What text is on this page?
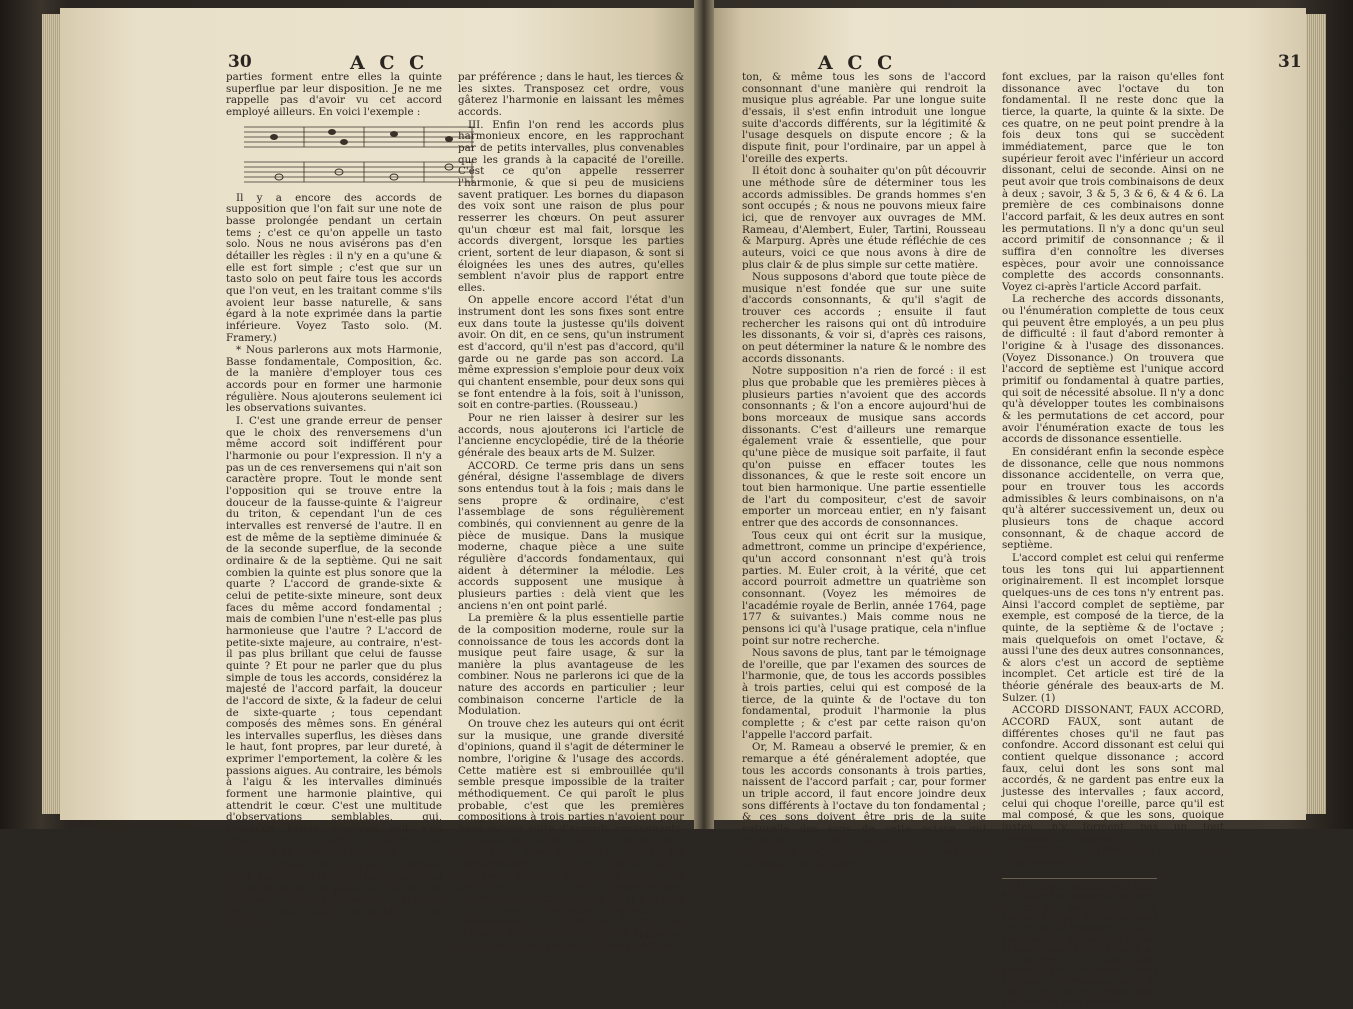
30	A C C

parties forment entre elles la quinte superflue par leur disposition. Je ne me rappelle pas d'avoir vu cet accord employé ailleurs. En voici l'exemple :

Il y a encore des accords de supposition que l'on fait sur une note de basse prolongée pendant un certain tems ; c'est ce qu'on appelle un tasto solo. Nous ne nous avisérons pas d'en détailler les règles : il n'y en a qu'une & elle est fort simple ; c'est que sur un tasto solo on peut faire tous les accords que l'on veut, en les traitant comme s'ils avoient leur basse naturelle, & sans égard à la note exprimée dans la partie inférieure. Voyez Tasto solo. (M. Framery.)

* Nous parlerons aux mots Harmonie, Basse fondamentale, Composition, &c. de la manière d'employer tous ces accords pour en former une harmonie régulière. Nous ajouterons seulement ici les observations suivantes.

I. C'est une grande erreur de penser que le choix des renversemens d'un même accord soit indifférent pour l'harmonie ou pour l'expression. Il n'y a pas un de ces renversemens qui n'ait son caractère propre. Tout le monde sent l'opposition qui se trouve entre la douceur de la fausse-quinte & l'aigreur du triton, & cependant l'un de ces intervalles est renversé de l'autre. Il en est de même de la septième diminuée & de la seconde superflue, de la seconde ordinaire & de la septième. Qui ne sait combien la quinte est plus sonore que la quarte ? L'accord de grande-sixte & celui de petite-sixte mineure, sont deux faces du même accord fondamental ; mais de combien l'une n'est-elle pas plus harmonieuse que l'autre ? L'accord de petite-sixte majeure, au contraire, n'est-il pas plus brillant que celui de fausse quinte ? Et pour ne parler que du plus simple de tous les accords, considérez la majesté de l'accord parfait, la douceur de l'accord de sixte, & la fadeur de celui de sixte-quarte ; tous cependant composés des mêmes sons. En général les intervalles superflus, les dièses dans le haut, font propres, par leur dureté, à exprimer l'emportement, la colère & les passions aigues. Au contraire, les bémols à l'aigu & les intervalles diminués forment une harmonie plaintive, qui attendrit le cœur. C'est une multitude d'observations semblables, qui, lorsqu'un habile musicien sait s'en prévaloir, le rendent maître des affections de ceux qui l'écoutent.

II. Le choix des intervalles simples n'est guère moins important que celui des accords pour la place où l'on doit les employer. C'est, par exemple, dans le bas qu'il faut placer les quintes & les octaves

par préférence ; dans le haut, les tierces & les sixtes. Transposez cet ordre, vous gâterez l'harmonie en laissant les mêmes accords.

III. Enfin l'on rend les accords plus harmonieux encore, en les rapprochant par de petits intervalles, plus convenables que les grands à la capacité de l'oreille. C'est ce qu'on appelle resserrer l'harmonie, & que si peu de musiciens savent pratiquer. Les bornes du diapason des voix sont une raison de plus pour resserrer les chœurs. On peut assurer qu'un chœur est mal fait, lorsque les accords divergent, lorsque les parties crient, sortent de leur diapason, & sont si éloignées les unes des autres, qu'elles semblent n'avoir plus de rapport entre elles.

On appelle encore accord l'état d'un instrument dont les sons fixes sont entre eux dans toute la justesse qu'ils doivent avoir. On dit, en ce sens, qu'un instrument est d'accord, qu'il n'est pas d'accord, qu'il garde ou ne garde pas son accord. La même expression s'emploie pour deux voix qui chantent ensemble, pour deux sons qui se font entendre à la fois, soit à l'unisson, soit en contre-parties. (Rousseau.)

Pour ne rien laisser à desirer sur les accords, nous ajouterons ici l'article de l'ancienne encyclopédie, tiré de la théorie générale des beaux arts de M. Sulzer.

ACCORD. Ce terme pris dans un sens général, désigne l'assemblage de divers sons entendus tout à la fois ; mais dans le sens propre & ordinaire, c'est l'assemblage de sons régulièrement combinés, qui conviennent au genre de la pièce de musique. Dans la musique moderne, chaque pièce a une suite régulière d'accords fondamentaux, qui aident à déterminer la mélodie. Les accords supposent une musique à plusieurs parties : delà vient que les anciens n'en ont point parlé.

La première & la plus essentielle partie de la composition moderne, roule sur la connoissance de tous les accords dont la musique peut faire usage, & sur la manière la plus avantageuse de les combiner. Nous ne parlerons ici que de la nature des accords en particulier ; leur combinaison concerne l'article de la Modulation.

On trouve chez les auteurs qui ont écrit sur la musique, une grande diversité d'opinions, quand il s'agit de déterminer le nombre, l'origine & l'usage des accords. Cette matière est si embrouillée qu'il semble presque impossible de la traiter méthodiquement. Ce qui paroît le plus probable, c'est que les premières compositions à trois parties n'avoient pour base qu'une suite d'accords consonnants. Le desir de rendre cette harmonie plus attrayante, aura sans doute engagé les compositeurs à placer par-ci par-là quelques accords dissonants entre ces premiers. Ils auront apparemment commencé par des accords où il n'entroit qu'un son discordant ajouté aux consonances, ou substitué à l'une de celles-ci. Peut-être ils se seront apperçus, peut-être, qu'on pouvoit altérer plus d'un

A C C	31

ton, & même tous les sons de l'accord consonnant d'une manière qui rendroit la musique plus agréable. Par une longue suite d'essais, il s'est enfin introduit une longue suite d'accords différents, sur la légitimité & l'usage desquels on dispute encore ; & la dispute finit, pour l'ordinaire, par un appel à l'oreille des experts.

Il étoit donc à souhaiter qu'on pût découvrir une méthode sûre de déterminer tous les accords admissibles. De grands hommes s'en sont occupés ; & nous ne pouvons mieux faire ici, que de renvoyer aux ouvrages de MM. Rameau, d'Alembert, Euler, Tartini, Rousseau & Marpurg. Après une étude réfléchie de ces auteurs, voici ce que nous avons à dire de plus clair & de plus simple sur cette matière.

Nous supposons d'abord que toute pièce de musique n'est fondée que sur une suite d'accords consonnants, & qu'il s'agit de trouver ces accords ; ensuite il faut rechercher les raisons qui ont dû introduire les dissonants, & voir si, d'après ces raisons, on peut déterminer la nature & le nombre des accords dissonants.

Notre supposition n'a rien de forcé : il est plus que probable que les premières pièces à plusieurs parties n'avoient que des accords consonnants ; & l'on a encore aujourd'hui de bons morceaux de musique sans accords dissonants. C'est d'ailleurs une remarque également vraie & essentielle, que pour qu'une pièce de musique soit parfaite, il faut qu'on puisse en effacer toutes les dissonances, & que le reste soit encore un tout bien harmonique. Une partie essentielle de l'art du compositeur, c'est de savoir emporter un morceau entier, en n'y faisant entrer que des accords de consonnances.

Tous ceux qui ont écrit sur la musique, admettront, comme un principe d'expérience, qu'un accord consonnant n'est qu'à trois parties. M. Euler croit, à la vérité, que cet accord pourroit admettre un quatrième son consonnant. (Voyez les mémoires de l'académie royale de Berlin, année 1764, page 177 & suivantes.) Mais comme nous ne pensons ici qu'à l'usage pratique, cela n'influe point sur notre recherche.

Nous savons de plus, tant par le témoignage de l'oreille, que par l'examen des sources de l'harmonie, que, de tous les accords possibles à trois parties, celui qui est composé de la tierce, de la quinte & de l'octave du ton fondamental, produit l'harmonie la plus complette ; & c'est par cette raison qu'on l'appelle l'accord parfait.

Or, M. Rameau a observé le premier, & en remarque a été généralement adoptée, que tous les accords consonants à trois parties, naissent de l'accord parfait ; car, pour former un triple accord, il faut encore joindre deux sons différents à l'octave du ton fondamental ; & ces sons doivent être pris de la suite naturelle des sons de cette octave, qui renferme la seconde, la tierce, la quarte, la quinte, la sixte & la septième : mais la seconde & la septième

font exclues, par la raison qu'elles font dissonance avec l'octave du ton fondamental. Il ne reste donc que la tierce, la quarte, la quinte & la sixte. De ces quatre, on ne peut point prendre à la fois deux tons qui se succèdent immédiatement, parce que le ton supérieur feroit avec l'inférieur un accord dissonant, celui de seconde. Ainsi on ne peut avoir que trois combinaisons de deux à deux ; savoir, 3 & 5, 3 & 6, & 4 & 6. La première de ces combinaisons donne l'accord parfait, & les deux autres en sont les permutations. Il n'y a donc qu'un seul accord primitif de consonnance ; & il suffira d'en connoître les diverses espèces, pour avoir une connoissance complette des accords consonnants. Voyez ci-après l'article Accord parfait.

La recherche des accords dissonants, ou l'énumération complette de tous ceux qui peuvent être employés, a un peu plus de difficulté : il faut d'abord remonter à l'origine & à l'usage des dissonances. (Voyez Dissonance.) On trouvera que l'accord de septième est l'unique accord primitif ou fondamental à quatre parties, qui soit de nécessité absolue. Il n'y a donc qu'à développer toutes les combinaisons & les permutations de cet accord, pour avoir l'énumération exacte de tous les accords de dissonance essentielle.

En considérant enfin la seconde espèce de dissonance, celle que nous nommons dissonance accidentelle, on verra que, pour en trouver tous les accords admissibles & leurs combinaisons, on n'a qu'à altérer successivement un, deux ou plusieurs tons de chaque accord consonnant, & de chaque accord de septième.

L'accord complet est celui qui renferme tous les tons qui lui appartiennent originairement. Il est incomplet lorsque quelques-uns de ces tons n'y entrent pas. Ainsi l'accord complet de septième, par exemple, est composé de la tierce, de la quinte, de la septième & de l'octave ; mais quelquefois on omet l'octave, & aussi l'une des deux autres consonnances, & alors c'est un accord de septième incomplet. Cet article est tiré de la théorie générale des beaux-arts de M. Sulzer. (1)

ACCORD DISSONANT, FAUX ACCORD, ACCORD FAUX, sont autant de différentes choses qu'il ne faut pas confondre. Accord dissonant est celui qui contient quelque dissonance ; accord faux, celui dont les sons sont mal accordés, & ne gardent pas entre eux la justesse des intervalles ; faux accord, celui qui choque l'oreille, parce qu'il est mal composé, & que les sons, quoique justes, n'y forment pas un tout harmonique. (Rousseau.)

ACCORDS IMMÉDIATS. Nous appellerons de ce

(1) Il règne dans cet article de M. Sulzer une obscurité qui vient de ce que son traducteur a souvent employé le mot ton dans une acception impropre ; il faut y substituer le mot son ou le mot chorde. Voyez l'article Chorde, où on détermine la signification précise des différens mots employés en musique dans le même sens, & des mêmes mots employés en sens différent.
